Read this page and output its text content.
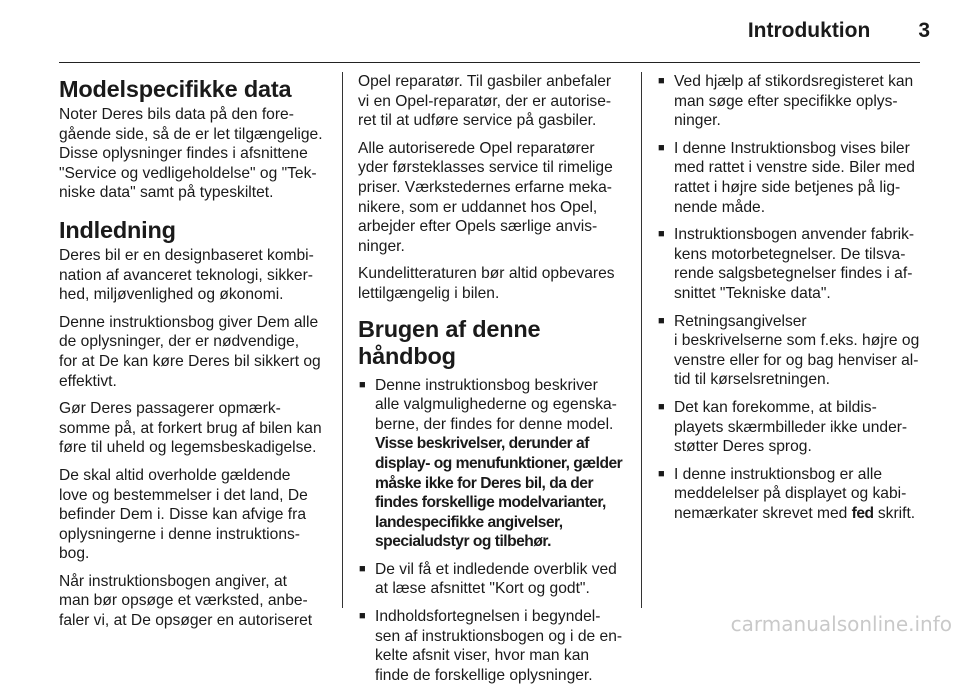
Introduktion 3
Modelspecifikke data

Noter Deres bils data på den fore-
gående side, så de er let tilgængelige.
Disse oplysninger findes i afsnittene
"Service og vedligeholdelse" og "Tek-
niske data" samt på typeskiltet.

Indledning

Deres bil er en designbaseret kombi-
nation af avanceret teknologi, sikker-
hed, miljøvenlighed og økonomi.

Denne instruktionsbog giver Dem alle
de oplysninger, der er nødvendige,
for at De kan køre Deres bil sikkert og
effektivt.

Gør Deres passagerer opmærk-
somme på, at forkert brug af bilen kan
føre til uheld og legemsbeskadigelse.

De skal altid overholde gældende
love og bestemmelser i det land, De
befinder Dem i. Disse kan afvige fra
oplysningerne i denne instruktions-
bog.

Når instruktionsbogen angiver, at
man bør opsøge et værksted, anbe-
faler vi, at De opsøger en autoriseret

Opel reparatør. Til gasbiler anbefaler
vi en Opel-reparatør, der er autorise-
ret til at udføre service på gasbiler.

Alle autoriserede Opel reparatører
yder førsteklasses service til rimelige
priser. Værkstedernes erfarne meka-
nikere, som er uddannet hos Opel,
arbejder efter Opels særlige anvis-
ninger.

Kundelitteraturen bør altid opbevares
lettilgængelig i bilen.

Brugen af denne håndbog
■ Denne instruktionsbog beskriver
alle valgmulighederne og egenska-
berne, der findes for denne model.
Visse beskrivelser, derunder af
display- og menufunktioner, gælder
måske ikke for Deres bil, da der
findes forskellige modelvarianter,
landespecifikke angivelser,
specialudstyr og tilbehør.
■ De vil få et indledende overblik ved
at læse afsnittet "Kort og godt".
■ Indholdsfortegnelsen i begyndel-
sen af instruktionsbogen og i de en-
kelte afsnit viser, hvor man kan
finde de forskellige oplysninger.
■ Ved hjælp af stikordsregisteret kan
man søge efter specifikke oplys-
ninger.
■ I denne Instruktionsbog vises biler
med rattet i venstre side. Biler med
rattet i højre side betjenes på lig-
nende måde.
■ Instruktionsbogen anvender fabrik-
kens motorbetegnelser. De tilsva-
rende salgsbetegnelser findes i af-
snittet "Tekniske data".
■ Retningsangivelser
i beskrivelserne som f.eks. højre og
venstre eller for og bag henviser al-
tid til kørselsretningen.
■ Det kan forekomme, at bildis-
playets skærmbilleder ikke under-
støtter Deres sprog.
■ I denne instruktionsbog er alle
meddelelser på displayet og kabi-
nemærkater skrevet med fed skrift.
carmanualsonline.info
